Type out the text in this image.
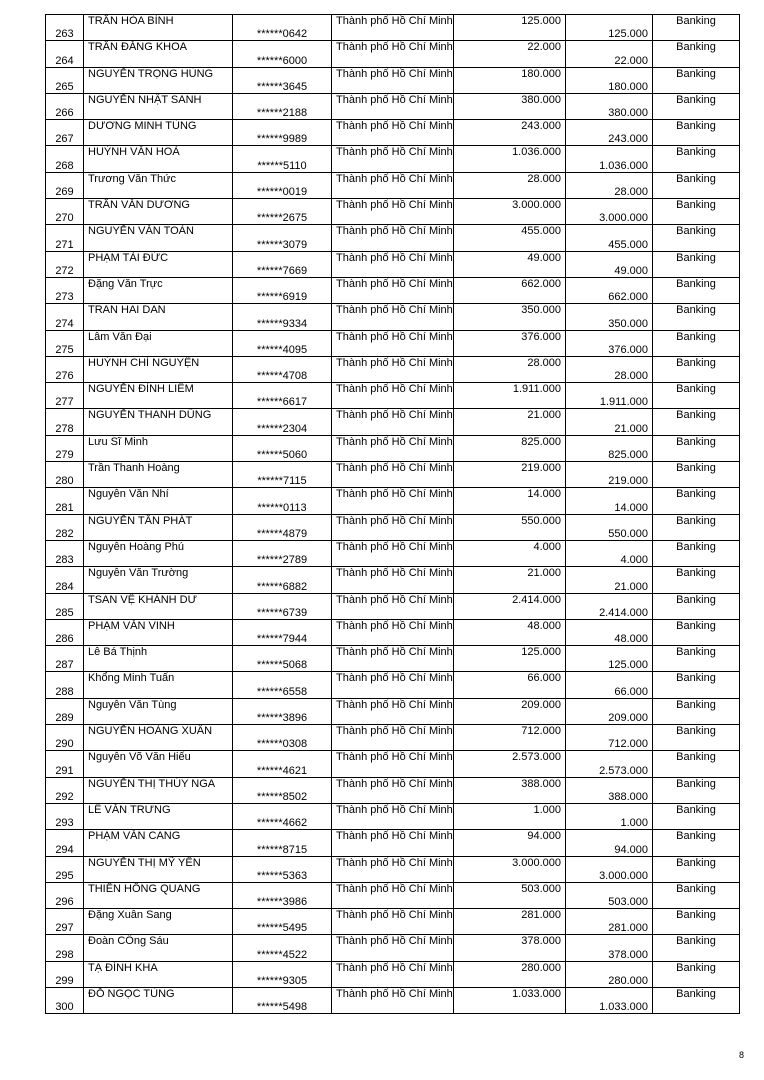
263	TRẦN HÒA BÌNH	******0642	Thành phố Hồ Chí Minh	125.000	125.000	Banking
264	TRẦN ĐĂNG KHOA	******6000	Thành phố Hồ Chí Minh	22.000	22.000	Banking
265	NGUYỄN TRỌNG HÙNG	******3645	Thành phố Hồ Chí Minh	180.000	180.000	Banking
266	NGUYỄN NHẬT SANH	******2188	Thành phố Hồ Chí Minh	380.000	380.000	Banking
267	DƯƠNG MINH TÙNG	******9989	Thành phố Hồ Chí Minh	243.000	243.000	Banking
268	HUỲNH VĂN HOÀ	******5110	Thành phố Hồ Chí Minh	1.036.000	1.036.000	Banking
269	Trương Văn Thức	******0019	Thành phố Hồ Chí Minh	28.000	28.000	Banking
270	TRẦN VĂN DƯƠNG	******2675	Thành phố Hồ Chí Minh	3.000.000	3.000.000	Banking
271	NGUYỄN VĂN TOÀN	******3079	Thành phố Hồ Chí Minh	455.000	455.000	Banking
272	PHẠM TÀI ĐỨC	******7669	Thành phố Hồ Chí Minh	49.000	49.000	Banking
273	Đặng Văn Trực	******6919	Thành phố Hồ Chí Minh	662.000	662.000	Banking
274	TRAN HAI DAN	******9334	Thành phố Hồ Chí Minh	350.000	350.000	Banking
275	Lâm Văn Đại	******4095	Thành phố Hồ Chí Minh	376.000	376.000	Banking
276	HUỲNH CHÍ NGUYỆN	******4708	Thành phố Hồ Chí Minh	28.000	28.000	Banking
277	NGUYỄN ĐÌNH LIÊM	******6617	Thành phố Hồ Chí Minh	1.911.000	1.911.000	Banking
278	NGUYỄN THANH DŨNG	******2304	Thành phố Hồ Chí Minh	21.000	21.000	Banking
279	Lưu Sĩ Minh	******5060	Thành phố Hồ Chí Minh	825.000	825.000	Banking
280	Trần Thanh Hoàng	******7115	Thành phố Hồ Chí Minh	219.000	219.000	Banking
281	Nguyễn Văn Nhí	******0113	Thành phố Hồ Chí Minh	14.000	14.000	Banking
282	NGUYỄN TẤN PHÁT	******4879	Thành phố Hồ Chí Minh	550.000	550.000	Banking
283	Nguyễn Hoàng Phú	******2789	Thành phố Hồ Chí Minh	4.000	4.000	Banking
284	Nguyễn Văn Trường	******6882	Thành phố Hồ Chí Minh	21.000	21.000	Banking
285	TSAN VỆ KHÁNH DƯ	******6739	Thành phố Hồ Chí Minh	2.414.000	2.414.000	Banking
286	PHẠM VĂN VINH	******7944	Thành phố Hồ Chí Minh	48.000	48.000	Banking
287	Lê Bá Thịnh	******5068	Thành phố Hồ Chí Minh	125.000	125.000	Banking
288	Khổng Minh Tuấn	******6558	Thành phố Hồ Chí Minh	66.000	66.000	Banking
289	Nguyễn Văn Tùng	******3896	Thành phố Hồ Chí Minh	209.000	209.000	Banking
290	NGUYỄN HOÀNG XUÂN	******0308	Thành phố Hồ Chí Minh	712.000	712.000	Banking
291	Nguyễn Võ Văn Hiếu	******4621	Thành phố Hồ Chí Minh	2.573.000	2.573.000	Banking
292	NGUYỄN THỊ THÚY NGA	******8502	Thành phố Hồ Chí Minh	388.000	388.000	Banking
293	LÊ VĂN TRƯNG	******4662	Thành phố Hồ Chí Minh	1.000	1.000	Banking
294	PHẠM VĂN CANG	******8715	Thành phố Hồ Chí Minh	94.000	94.000	Banking
295	NGUYỄN THỊ MỸ YẾN	******5363	Thành phố Hồ Chí Minh	3.000.000	3.000.000	Banking
296	THIỀN HỒNG QUANG	******3986	Thành phố Hồ Chí Minh	503.000	503.000	Banking
297	Đặng Xuân Sang	******5495	Thành phố Hồ Chí Minh	281.000	281.000	Banking
298	Đoàn CÔng Sáu	******4522	Thành phố Hồ Chí Minh	378.000	378.000	Banking
299	TẠ ĐÌNH KHA	******9305	Thành phố Hồ Chí Minh	280.000	280.000	Banking
300	ĐỖ NGỌC TÙNG	******5498	Thành phố Hồ Chí Minh	1.033.000	1.033.000	Banking
8
